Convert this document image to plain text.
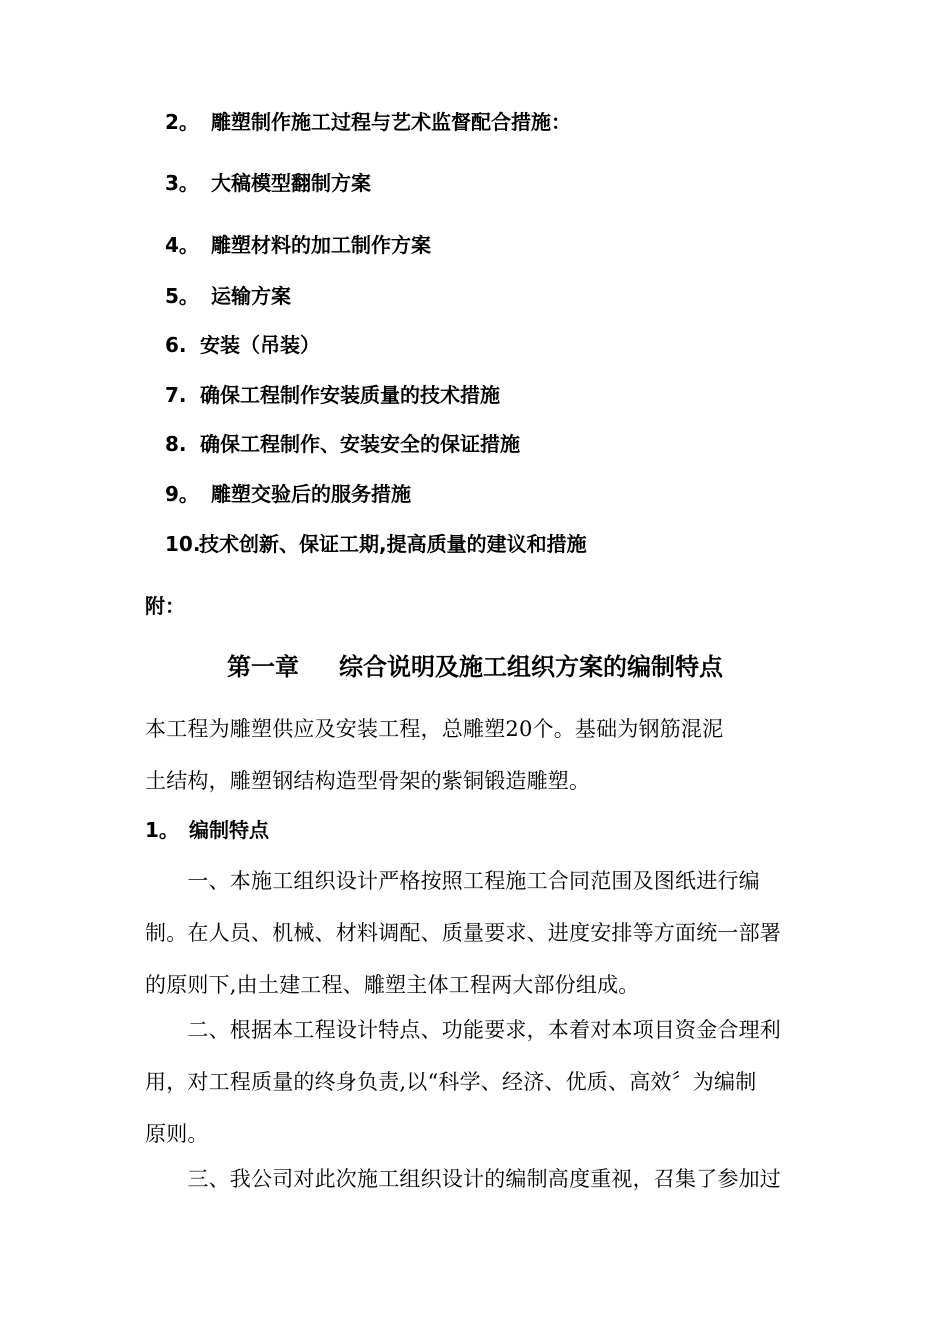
2。 雕塑制作施工过程与艺术监督配合措施：
3。 大稿模型翻制方案
4。 雕塑材料的加工制作方案
5。 运输方案
6. 安装（吊装）
7. 确保工程制作安装质量的技术措施
8. 确保工程制作、安装安全的保证措施
9。 雕塑交验后的服务措施
10.技术创新、保证工期,提高质量的建议和措施
附：
第一章 综合说明及施工组织方案的编制特点
本工程为雕塑供应及安装工程，总雕塑20个。基础为钢筋混泥
土结构，雕塑钢结构造型骨架的紫铜锻造雕塑。
1。 编制特点
　　一、本施工组织设计严格按照工程施工合同范围及图纸进行编
制。在人员、机械、材料调配、质量要求、进度安排等方面统一部署
的原则下,由土建工程、雕塑主体工程两大部份组成。
　　二、根据本工程设计特点、功能要求，本着对本项目资金合理利
用，对工程质量的终身负责,以“科学、经济、优质、高效〞为编制
原则。
　　三、我公司对此次施工组织设计的编制高度重视，召集了参加过
